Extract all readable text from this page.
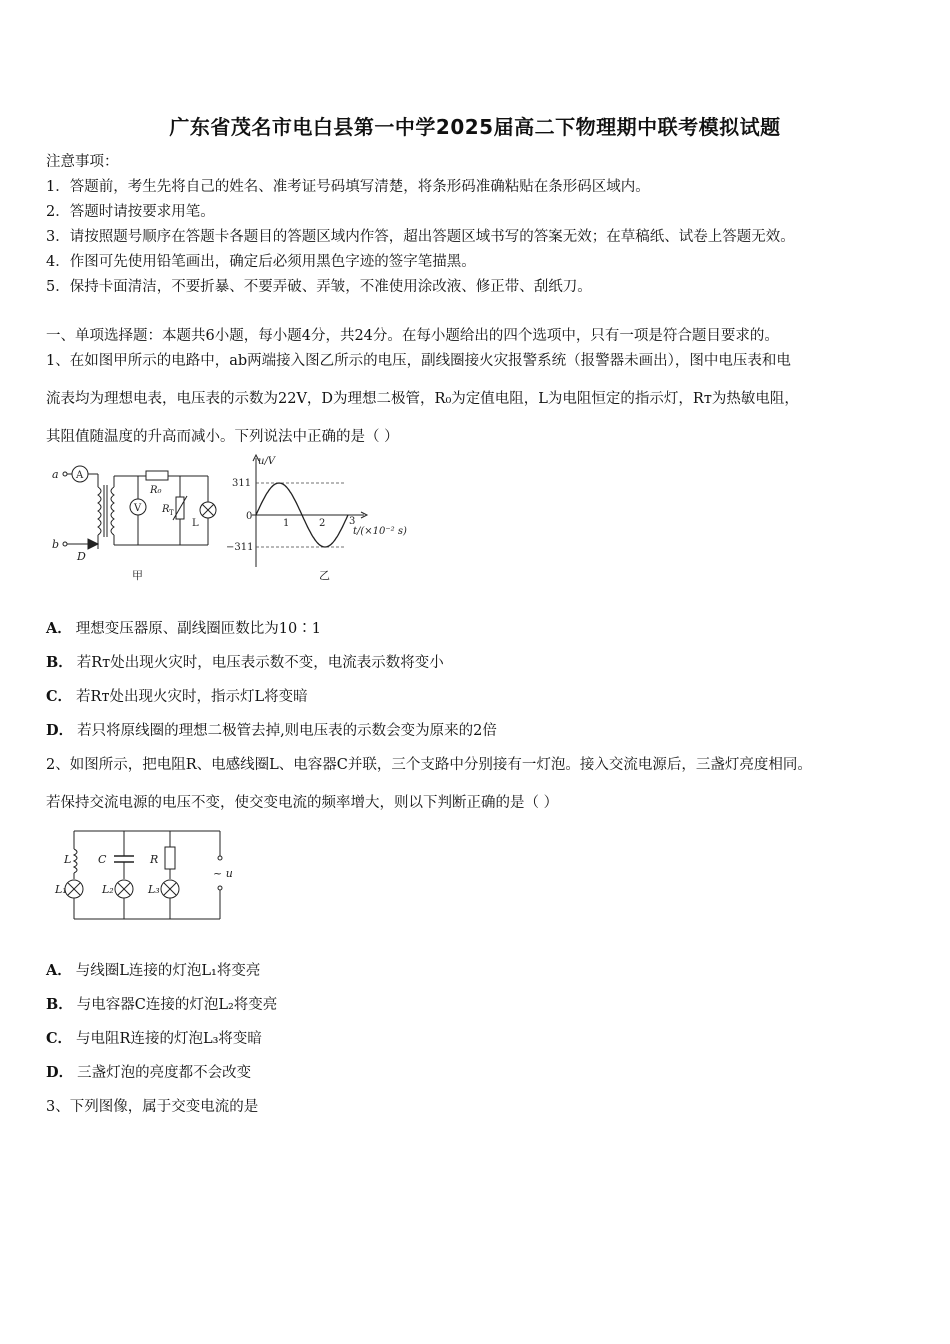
广东省茂名市电白县第一中学2025届高二下物理期中联考模拟试题
注意事项：
1．答题前，考生先将自己的姓名、准考证号码填写清楚，将条形码准确粘贴在条形码区域内。
2．答题时请按要求用笔。
3．请按照题号顺序在答题卡各题目的答题区域内作答，超出答题区域书写的答案无效；在草稿纸、试卷上答题无效。
4．作图可先使用铅笔画出，确定后必须用黑色字迹的签字笔描黑。
5．保持卡面清洁，不要折暴、不要弄破、弄皱，不准使用涂改液、修正带、刮纸刀。
一、单项选择题：本题共6小题，每小题4分，共24分。在每小题给出的四个选项中，只有一项是符合题目要求的。
1、在如图甲所示的电路中，ab两端接入图乙所示的电压，副线圈接火灾报警系统（报警器未画出），图中电压表和电
流表均为理想电表，电压表的示数为22V，D为理想二极管，R₀为定值电阻，L为电阻恒定的指示灯，Rт为热敏电阻，
其阻值随温度的升高而减小。下列说法中正确的是（ ）
a A
b
D
V
R₀
R T
L
甲
u/V
311
−311
0
1	2 3
t/(×10⁻² s)
乙
A． 理想变压器原、副线圈匝数比为10∶1
B． 若Rт处出现火灾时，电压表示数不变，电流表示数将变小
C． 若Rт处出现火灾时，指示灯L将变暗
D． 若只将原线圈的理想二极管去掉,则电压表的示数会变为原来的2倍
2、如图所示，把电阻R、电感线圈L、电容器C并联，三个支路中分别接有一灯泡。接入交流电源后，三盏灯亮度相同。
若保持交流电源的电压不变，使交变电流的频率增大，则以下判断正确的是（ ）
L C	R
L₁	L₂	L₃
~ u
A． 与线圈L连接的灯泡L₁将变亮
B． 与电容器C连接的灯泡L₂将变亮
C． 与电阻R连接的灯泡L₃将变暗
D． 三盏灯泡的亮度都不会改变
3、下列图像，属于交变电流的是
